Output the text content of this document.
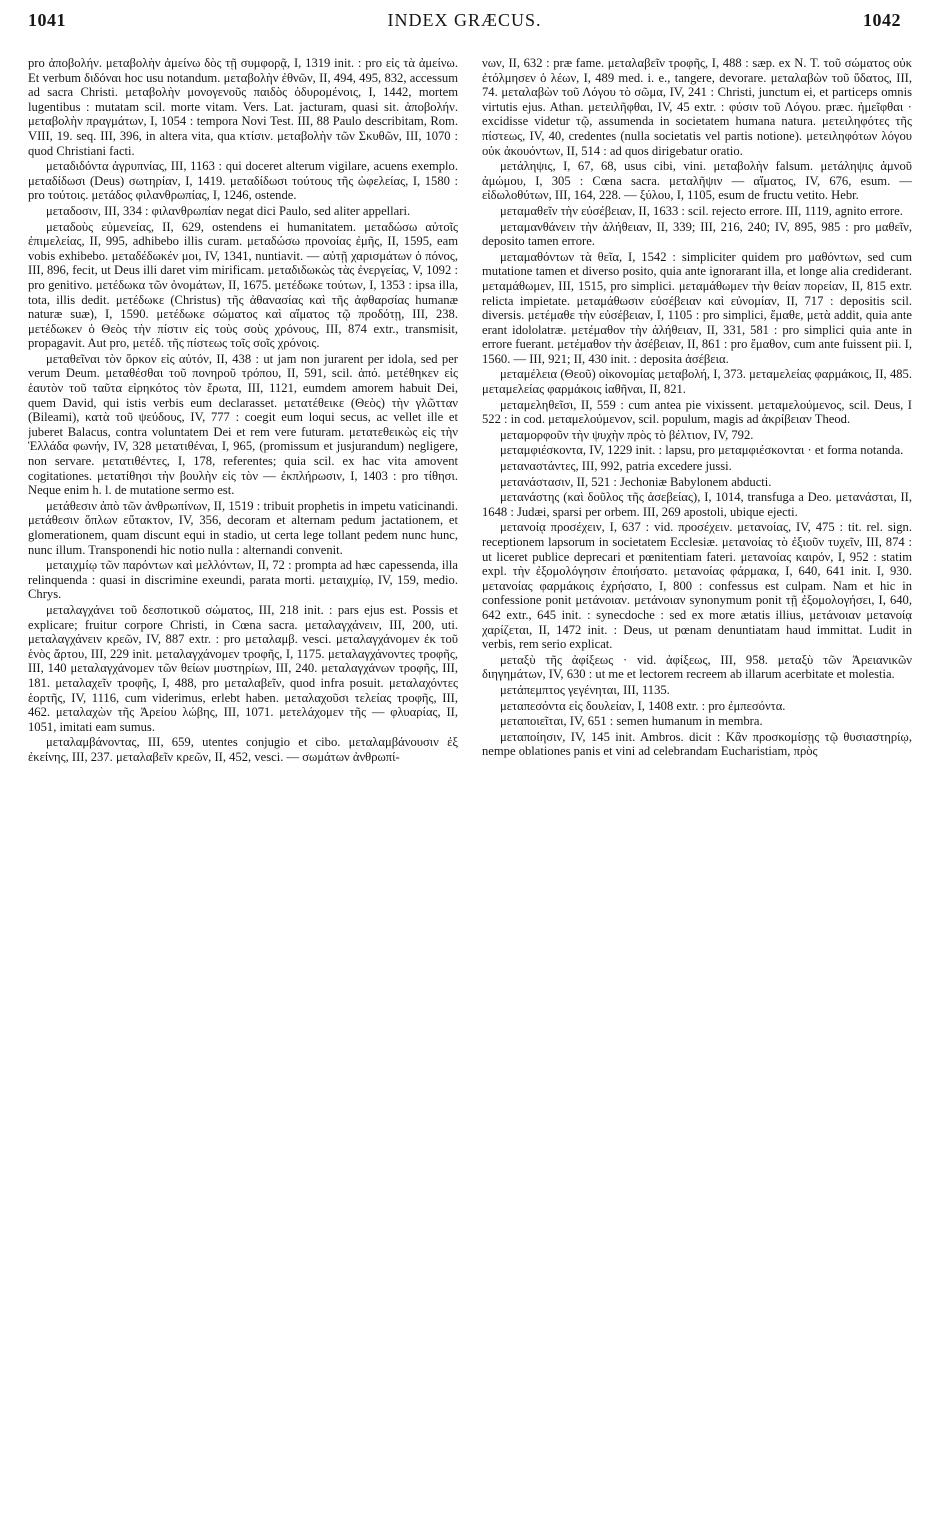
1041	INDEX GRÆCUS.	1042

pro ἀποβολήν. μεταβολὴν ἀμείνω δὸς τῇ συμφορᾷ, I, 1319 init. : pro εἰς τὰ ἀμείνω. Et verbum διδόναι hoc usu notandum. μεταβολὴν ἐθνῶν, II, 494, 495, 832, accessum ad sacra Christi. μεταβολὴν μονογενοῦς παιδὸς ὀδυρομένοις, I, 1442, mortem lugentibus : mutatam scil. morte vitam. Vers. Lat. jacturam, quasi sit. ἀποβολήν. μεταβολὴν πραγμάτων, I, 1054 : tempora Novi Test. III, 88 Paulo describitam, Rom. VIII, 19. seq. III, 396, in altera vita, qua κτίσιν. μεταβολὴν τῶν Σκυθῶν, III, 1070 : quod Christiani facti.

μεταδιδόντα ἀγρυπνίας, III, 1163 : qui doceret alterum vigilare, acuens exemplo. μεταδίδωσι (Deus) σωτηρίαν, I, 1419. μεταδίδωσι τούτους τῆς ὠφελείας, I, 1580 : pro τούτοις. μετάδος φιλανθρωπίας, I, 1246, ostende.

μεταδοσιν, III, 334 : φιλανθρωπίαν negat dici Paulo, sed aliter appellari.

μεταδοὺς εὐμενείας, II, 629, ostendens ei humanitatem. μεταδώσω αὐτοῖς ἐπιμελείας, II, 995, adhibebo illis curam. μεταδώσω προνοίας ἐμῆς, II, 1595, eam vobis exhibebo. μεταδέδωκέν μοι, IV, 1341, nuntiavit. — αὐτῇ χαρισμάτων ὁ πόνος, III, 896, fecit, ut Deus illi daret vim mirificam. μεταδιδωκὼς τὰς ἐνεργείας, V, 1092 : pro genitivo. μετέδωκα τῶν ὀνομάτων, II, 1675. μετέδωκε τούτων, I, 1353 : ipsa illa, tota, illis dedit. μετέδωκε (Christus) τῆς ἀθανασίας καὶ τῆς ἀφθαρσίας humanæ naturæ suæ), I, 1590. μετέδωκε σώματος καὶ αἵματος τῷ προδότῃ, III, 238. μετέδωκεν ὁ Θεὸς τὴν πίστιν εἰς τοὺς σοὺς χρόνους, III, 874 extr., transmisit, propagavit. Aut pro, μετέδ. τῆς πίστεως τοῖς σοῖς χρόνοις.

μεταθεῖναι τὸν ὅρκον εἰς αὐτόν, II, 438 : ut jam non jurarent per idola, sed per verum Deum. μεταθέσθαι τοῦ πονηροῦ τρόπου, II, 591, scil. ἀπό. μετέθηκεν εἰς ἑαυτὸν τοῦ ταῦτα εἰρηκότος τὸν ἔρωτα, III, 1121, eumdem amorem habuit Dei, quem David, qui istis verbis eum declarasset. μετατέθεικε (Θεὸς) τὴν γλῶτταν (Bileami), κατὰ τοῦ ψεύδους, IV, 777 : coegit eum loqui secus, ac vellet ille et juberet Balacus, contra voluntatem Dei et rem vere futuram. μετατεθεικὼς εἰς τὴν Ἑλλάδα φωνήν, IV, 328 μετατιθέναι, I, 965, (promissum et jusjurandum) negligere, non servare. μετατιθέντες, I, 178, referentes; quia scil. ex hac vita amovent cogitationes. μετατίθησι τὴν βουλὴν εἰς τὸν — ἐκπλήρωσιν, I, 1403 : pro τίθησι. Neque enim h. l. de mutatione sermo est.

μετάθεσιν ἀπὸ τῶν ἀνθρωπίνων, II, 1519 : tribuit prophetis in impetu vaticinandi. μετάθεσιν ὅπλων εὔτακτον, IV, 356, decoram et alternam pedum jactationem, et glomerationem, quam discunt equi in stadio, ut certa lege tollant pedem nunc hunc, nunc illum. Transponendi hic notio nulla : alternandi convenit.

μεταιχμίῳ τῶν παρόντων καὶ μελλόντων, II, 72 : prompta ad hæc capessenda, illa relinquenda : quasi in discrimine exeundi, parata morti. μεταιχμίῳ, IV, 159, medio. Chrys.

μεταλαγχάνει τοῦ δεσποτικοῦ σώματος, III, 218 init. : pars ejus est. Possis et explicare; fruitur corpore Christi, in Cœna sacra. μεταλαγχάνειν, III, 200, uti. μεταλαγχάνειν κρεῶν, IV, 887 extr. : pro μεταλαμβ. vesci. μεταλαγχάνομεν ἐκ τοῦ ἑνὸς ἄρτου, III, 229 init. μεταλαγχάνομεν τροφῆς, I, 1175. μεταλαγχάνοντες τροφῆς, III, 140 μεταλαγχάνομεν τῶν θείων μυστηρίων, III, 240. μεταλαγχάνων τροφῆς, III, 181. μεταλαχεῖν τροφῆς, I, 488, pro μεταλαβεῖν, quod infra posuit. μεταλαχόντες ἑορτῆς, IV, 1116, cum viderimus, erlebt haben. μεταλαχοῦσι τελείας τροφῆς, III, 462. μεταλαχὼν τῆς Ἀρείου λώβης, III, 1071. μετελάχομεν τῆς — φλυαρίας, II, 1051, imitati eam sumus.

μεταλαμβάνοντας, III, 659, utentes conjugio et cibo. μεταλαμβάνουσιν ἐξ ἐκείνης, III, 237. μεταλαβεῖν κρεῶν, II, 452, vesci. — σωμάτων ἀνθρωπί-

νων, II, 632 : præ fame. μεταλαβεῖν τροφῆς, I, 488 : sæp. ex N. T. τοῦ σώματος οὐκ ἐτόλμησεν ὁ λέων, I, 489 med. i. e., tangere, devorare. μεταλαβὼν τοῦ ὕδατος, III, 74. μεταλαβὼν τοῦ Λόγου τὸ σῶμα, IV, 241 : Christi, junctum ei, et particeps omnis virtutis ejus. Athan. μετειλῆφθαι, IV, 45 extr. : φύσιν τοῦ Λόγου. præc. ἠμεῖφθαι · excidisse videtur τῷ, assumenda in societatem humana natura. μετειληφότες τῆς πίστεως, IV, 40, credentes (nulla societatis vel partis notione). μετειληφότων λόγου οὐκ ἀκουόντων, II, 514 : ad quos dirigebatur oratio.

μετάληψις, I, 67, 68, usus cibi, vini. μεταβολὴν falsum. μετάληψις ἀμνοῦ ἀμώμου, I, 305 : Cœna sacra. μεταλῆψιν — αἵματος, IV, 676, esum. — εἰδωλοθύτων, III, 164, 228. — ξύλου, I, 1105, esum de fructu vetito. Hebr.

μεταμαθεῖν τὴν εὐσέβειαν, II, 1633 : scil. rejecto errore. III, 1119, agnito errore.

μεταμανθάνειν τὴν ἀλήθειαν, II, 339; III, 216, 240; IV, 895, 985 : pro μαθεῖν, deposito tamen errore.

μεταμαθόντων τὰ θεῖα, I, 1542 : simpliciter quidem pro μαθόντων, sed cum mutatione tamen et diverso posito, quia ante ignorarant illa, et longe alia crediderant. μεταμάθωμεν, III, 1515, pro simplici. μεταμάθωμεν τὴν θείαν πορείαν, II, 815 extr. relicta impietate. μεταμάθωσιν εὐσέβειαν καὶ εὐνομίαν, II, 717 : depositis scil. diversis. μετέμαθε τὴν εὐσέβειαν, I, 1105 : pro simplici, ἔμαθε, μετὰ addit, quia ante erant idololatræ. μετέμαθον τὴν ἀλήθειαν, II, 331, 581 : pro simplici quia ante in errore fuerant. μετέμαθον τὴν ἀσέβειαν, II, 861 : pro ἔμαθον, cum ante fuissent pii. I, 1560. — III, 921; II, 430 init. : deposita ἀσέβεια.

μεταμέλεια (Θεοῦ) οἰκονομίας μεταβολή, I, 373. μεταμελείας φαρμάκοις, II, 485. μεταμελείας φαρμάκοις ἰαθῆναι, II, 821.

μεταμεληθεῖσι, II, 559 : cum antea pie vixissent. μεταμελούμενος, scil. Deus, I 522 : in cod. μεταμελούμενον, scil. populum, magis ad ἀκρίβειαν Theod.

μεταμορφοῦν τὴν ψυχὴν πρὸς τὸ βέλτιον, IV, 792.

μεταμφιέσκοντα, IV, 1229 init. : lapsu, pro μεταμφιέσκονται · et forma notanda.

μεταναστάντες, III, 992, patria excedere jussi.

μετανάστασιν, II, 521 : Jechoniæ Babylonem abducti.

μετανάστης (καὶ δοῦλος τῆς ἀσεβείας), I, 1014, transfuga a Deo. μετανάσται, II, 1648 : Judæi, sparsi per orbem. III, 269 apostoli, ubique ejecti.

μετανοίᾳ προσέχειν, I, 637 : vid. προσέχειν. μετανοίας, IV, 475 : tit. rel. sign. receptionem lapsorum in societatem Ecclesiæ. μετανοίας τὸ ἐξιοῦν τυχεῖν, III, 874 : ut liceret publice deprecari et pœnitentiam fateri. μετανοίας καιρόν, I, 952 : statim expl. τὴν ἐξομολόγησιν ἐποιήσατο. μετανοίας φάρμακα, I, 640, 641 init. I, 930. μετανοίας φαρμάκοις ἐχρήσατο, I, 800 : confessus est culpam. Nam et hic in confessione ponit μετάνοιαν. μετάνοιαν synonymum ponit τῇ ἐξομολογήσει, I, 640, 642 extr., 645 init. : synecdoche : sed ex more ætatis illius, μετάνοιαν μετανοίᾳ χαρίζεται, II, 1472 init. : Deus, ut pœnam denuntiatam haud immittat. Ludit in verbis, rem serio explicat.

μεταξὺ τῆς ἀφίξεως · vid. ἀφίξεως, III, 958. μεταξὺ τῶν Ἀρειανικῶν διηγημάτων, IV, 630 : ut me et lectorem recreem ab illarum acerbitate et molestia.

μετάπεμπτος γεγένηται, III, 1135.

μεταπεσόντα εἰς δουλείαν, I, 1408 extr. : pro ἐμπεσόντα.

μεταποιεῖται, IV, 651 : semen humanum in membra.

μεταποίησιν, IV, 145 init. Ambros. dicit : Κἂν προσκομίσῃς τῷ θυσιαστηρίῳ, nempe oblationes panis et vini ad celebrandam Eucharistiam, πρὸς
